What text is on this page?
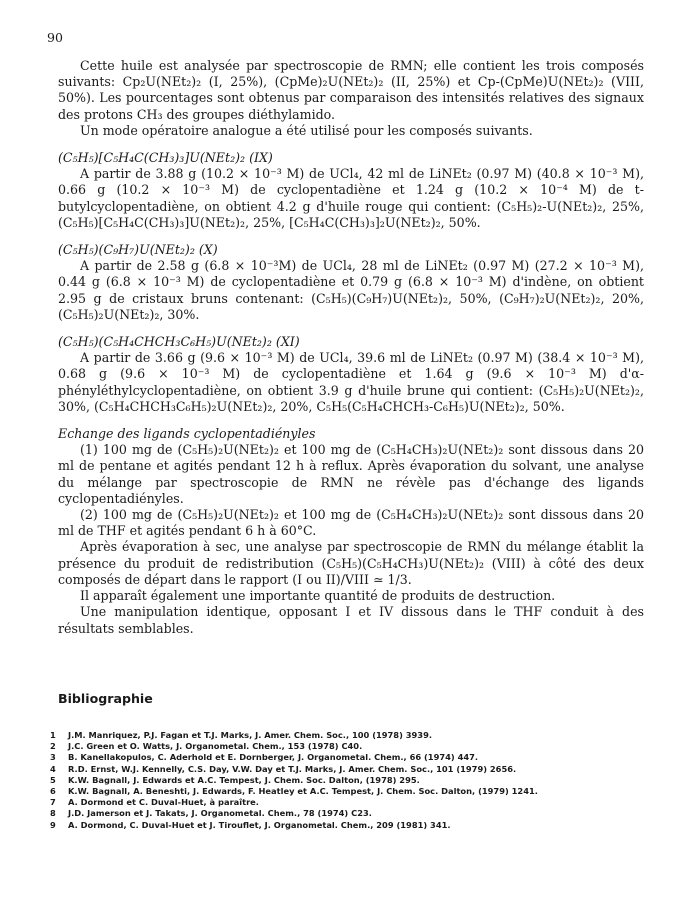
90

Cette huile est analysée par spectroscopie de RMN; elle contient les trois composés suivants: Cp₂U(NEt₂)₂ (I, 25%), (CpMe)₂U(NEt₂)₂ (II, 25%) et Cp-(CpMe)U(NEt₂)₂ (VIII, 50%). Les pourcentages sont obtenus par comparaison des intensités relatives des signaux des protons CH₃ des groupes diéthylamido.

Un mode opératoire analogue a été utilisé pour les composés suivants.

(C₅H₅)[C₅H₄C(CH₃)₃]U(NEt₂)₂ (IX)

A partir de 3.88 g (10.2 × 10⁻³ M) de UCl₄, 42 ml de LiNEt₂ (0.97 M) (40.8 × 10⁻³ M), 0.66 g (10.2 × 10⁻³ M) de cyclopentadiène et 1.24 g (10.2 × 10⁻⁴ M) de t-butylcyclopentadiène, on obtient 4.2 g d'huile rouge qui contient: (C₅H₅)₂-U(NEt₂)₂, 25%, (C₅H₅)[C₅H₄C(CH₃)₃]U(NEt₂)₂, 25%, [C₅H₄C(CH₃)₃]₂U(NEt₂)₂, 50%.

(C₅H₅)(C₉H₇)U(NEt₂)₂ (X)

A partir de 2.58 g (6.8 × 10⁻³M) de UCl₄, 28 ml de LiNEt₂ (0.97 M) (27.2 × 10⁻³ M), 0.44 g (6.8 × 10⁻³ M) de cyclopentadiène et 0.79 g (6.8 × 10⁻³ M) d'indène, on obtient 2.95 g de cristaux bruns contenant: (C₅H₅)(C₉H₇)U(NEt₂)₂, 50%, (C₉H₇)₂U(NEt₂)₂, 20%, (C₅H₅)₂U(NEt₂)₂, 30%.

(C₅H₅)(C₅H₄CHCH₃C₆H₅)U(NEt₂)₂ (XI)

A partir de 3.66 g (9.6 × 10⁻³ M) de UCl₄, 39.6 ml de LiNEt₂ (0.97 M) (38.4 × 10⁻³ M), 0.68 g (9.6 × 10⁻³ M) de cyclopentadiène et 1.64 g (9.6 × 10⁻³ M) d'α-phényléthylcyclopentadiène, on obtient 3.9 g d'huile brune qui contient: (C₅H₅)₂U(NEt₂)₂, 30%, (C₅H₄CHCH₃C₆H₅)₂U(NEt₂)₂, 20%, C₅H₅(C₅H₄CHCH₃-C₆H₅)U(NEt₂)₂, 50%.

Echange des ligands cyclopentadiényles

(1) 100 mg de (C₅H₅)₂U(NEt₂)₂ et 100 mg de (C₅H₄CH₃)₂U(NEt₂)₂ sont dissous dans 20 ml de pentane et agités pendant 12 h à reflux. Après évaporation du solvant, une analyse du mélange par spectroscopie de RMN ne révèle pas d'échange des ligands cyclopentadiényles.

(2) 100 mg de (C₅H₅)₂U(NEt₂)₂ et 100 mg de (C₅H₄CH₃)₂U(NEt₂)₂ sont dissous dans 20 ml de THF et agités pendant 6 h à 60°C.

Après évaporation à sec, une analyse par spectroscopie de RMN du mélange établit la présence du produit de redistribution (C₅H₅)(C₅H₄CH₃)U(NEt₂)₂ (VIII) à côté des deux composés de départ dans le rapport (I ou II)/VIII ≃ 1/3.

Il apparaît également une importante quantité de produits de destruction.

Une manipulation identique, opposant I et IV dissous dans le THF conduit à des résultats semblables.

Bibliographie
1	J.M. Manriquez, P.J. Fagan et T.J. Marks, J. Amer. Chem. Soc., 100 (1978) 3939.
2	J.C. Green et O. Watts, J. Organometal. Chem., 153 (1978) C40.
3	B. Kanellakopulos, C. Aderhold et E. Dornberger, J. Organometal. Chem., 66 (1974) 447.
4	R.D. Ernst, W.J. Kennelly, C.S. Day, V.W. Day et T.J. Marks, J. Amer. Chem. Soc., 101 (1979) 2656.
5	K.W. Bagnall, J. Edwards et A.C. Tempest, J. Chem. Soc. Dalton, (1978) 295.
6	K.W. Bagnall, A. Beneshti, J. Edwards, F. Heatley et A.C. Tempest, J. Chem. Soc. Dalton, (1979) 1241.
7	A. Dormond et C. Duval-Huet, à paraître.
8	J.D. Jamerson et J. Takats, J. Organometal. Chem., 78 (1974) C23.
9	A. Dormond, C. Duval-Huet et J. Tirouflet, J. Organometal. Chem., 209 (1981) 341.
